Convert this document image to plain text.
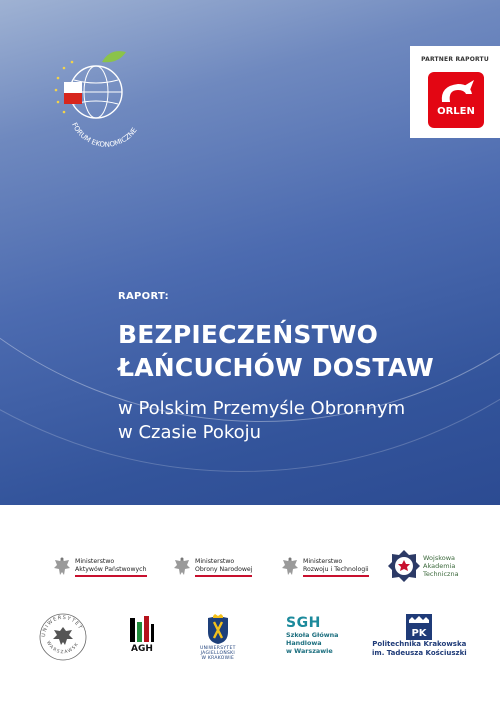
FORUM EKONOMICZNE
PARTNER RAPORTU
ORLEN
RAPORT:
BEZPIECZEŃSTWO
ŁAŃCUCHÓW DOSTAW
w Polskim Przemyśle Obronnym
w Czasie Pokoju
Ministerstwo
Aktywów Państwowych
Ministerstwo
Obrony Narodowej
Ministerstwo
Rozwoju i Technologii
Wojskowa
Akademia
Techniczna
UNIWERSYTET
WARSZAWSK	AGH	UNIWERSYTET
JAGIELLOŃSKI
W KRAKOWIE
SGH
Szkoła Główna
Handlowa
w Warszawie
PK
Politechnika Krakowska
im. Tadeusza Kościuszki
